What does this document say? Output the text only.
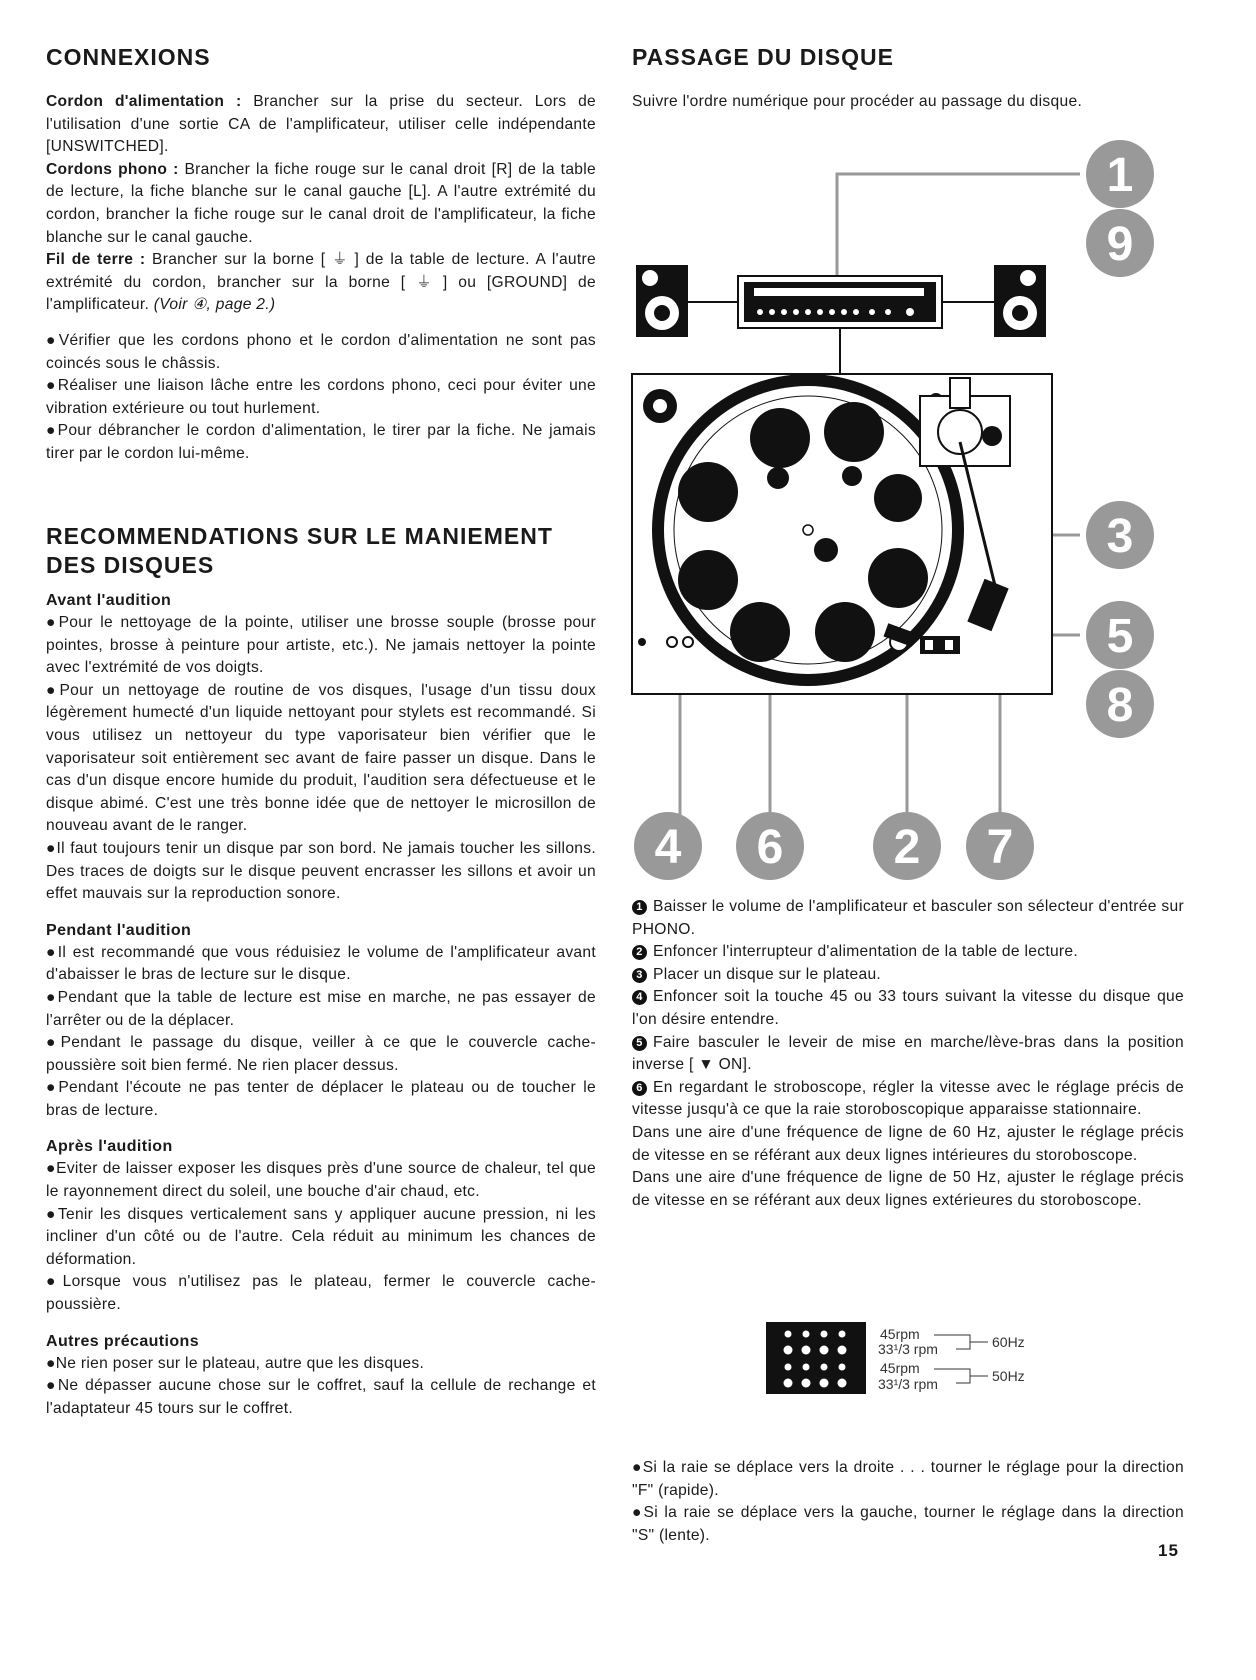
CONNEXIONS

Cordon d'alimentation : Brancher sur la prise du secteur. Lors de l'utilisation d'une sortie CA de l'amplificateur, utiliser celle indépendante [UNSWITCHED].

Cordons phono : Brancher la fiche rouge sur le canal droit [R] de la table de lecture, la fiche blanche sur le canal gauche [L]. A l'autre extrémité du cordon, brancher la fiche rouge sur le canal droit de l'amplificateur, la fiche blanche sur le canal gauche.

Fil de terre : Brancher sur la borne [ ⏚ ] de la table de lecture. A l'autre extrémité du cordon, brancher sur la borne [ ⏚ ] ou [GROUND] de l'amplificateur. (Voir ④, page 2.)

●Vérifier que les cordons phono et le cordon d'alimentation ne sont pas coincés sous le châssis.

●Réaliser une liaison lâche entre les cordons phono, ceci pour éviter une vibration extérieure ou tout hurlement.

●Pour débrancher le cordon d'alimentation, le tirer par la fiche. Ne jamais tirer par le cordon lui-même.

RECOMMENDATIONS SUR LE MANIEMENT
DES DISQUES
Avant l'audition

●Pour le nettoyage de la pointe, utiliser une brosse souple (brosse pour pointes, brosse à peinture pour artiste, etc.). Ne jamais nettoyer la pointe avec l'extrémité de vos doigts.

●Pour un nettoyage de routine de vos disques, l'usage d'un tissu doux légèrement humecté d'un liquide nettoyant pour stylets est recommandé. Si vous utilisez un nettoyeur du type vaporisateur bien vérifier que le vaporisateur soit entièrement sec avant de faire passer un disque. Dans le cas d'un disque encore humide du produit, l'audition sera défectueuse et le disque abimé. C'est une très bonne idée que de nettoyer le microsillon de nouveau avant de le ranger.

●Il faut toujours tenir un disque par son bord. Ne jamais toucher les sillons. Des traces de doigts sur le disque peuvent encrasser les sillons et avoir un effet mauvais sur la reproduction sonore.

Pendant l'audition

●Il est recommandé que vous réduisiez le volume de l'amplificateur avant d'abaisser le bras de lecture sur le disque.

●Pendant que la table de lecture est mise en marche, ne pas essayer de l'arrêter ou de la déplacer.

●Pendant le passage du disque, veiller à ce que le couvercle cache-poussière soit bien fermé. Ne rien placer dessus.

●Pendant l'écoute ne pas tenter de déplacer le plateau ou de toucher le bras de lecture.

Après l'audition

●Eviter de laisser exposer les disques près d'une source de chaleur, tel que le rayonnement direct du soleil, une bouche d'air chaud, etc.

●Tenir les disques verticalement sans y appliquer aucune pression, ni les incliner d'un côté ou de l'autre. Cela réduit au minimum les chances de déformation.

●Lorsque vous n'utilisez pas le plateau, fermer le couvercle cache-poussière.

Autres précautions

●Ne rien poser sur le plateau, autre que les disques.

●Ne dépasser aucune chose sur le coffret, sauf la cellule de rechange et l'adaptateur 45 tours sur le coffret.

PASSAGE DU DISQUE

Suivre l'ordre numérique pour procéder au passage du disque.

1
9
3
5
8
4 6 2 7
1 Baisser le volume de l'amplificateur et basculer son sélecteur d'entrée sur PHONO.
2 Enfoncer l'interrupteur d'alimentation de la table de lecture.
3 Placer un disque sur le plateau.
4 Enfoncer soit la touche 45 ou 33 tours suivant la vitesse du disque que l'on désire entendre.
5 Faire basculer le leveir de mise en marche/lève-bras dans la position inverse [ ▼ ON].
6 En regardant le stroboscope, régler la vitesse avec le réglage précis de vitesse jusqu'à ce que la raie storoboscopique apparaisse stationnaire.

Dans une aire d'une fréquence de ligne de 60 Hz, ajuster le réglage précis de vitesse en se référant aux deux lignes intérieures du storoboscope.

Dans une aire d'une fréquence de ligne de 50 Hz, ajuster le réglage précis de vitesse en se référant aux deux lignes extérieures du storoboscope.

45rpm
33¹/3 rpm
45rpm
33¹/3 rpm
60Hz
50Hz

●Si la raie se déplace vers la droite . . . tourner le réglage pour la direction "F" (rapide).

●Si la raie se déplace vers la gauche, tourner le réglage dans la direction "S" (lente).

15
